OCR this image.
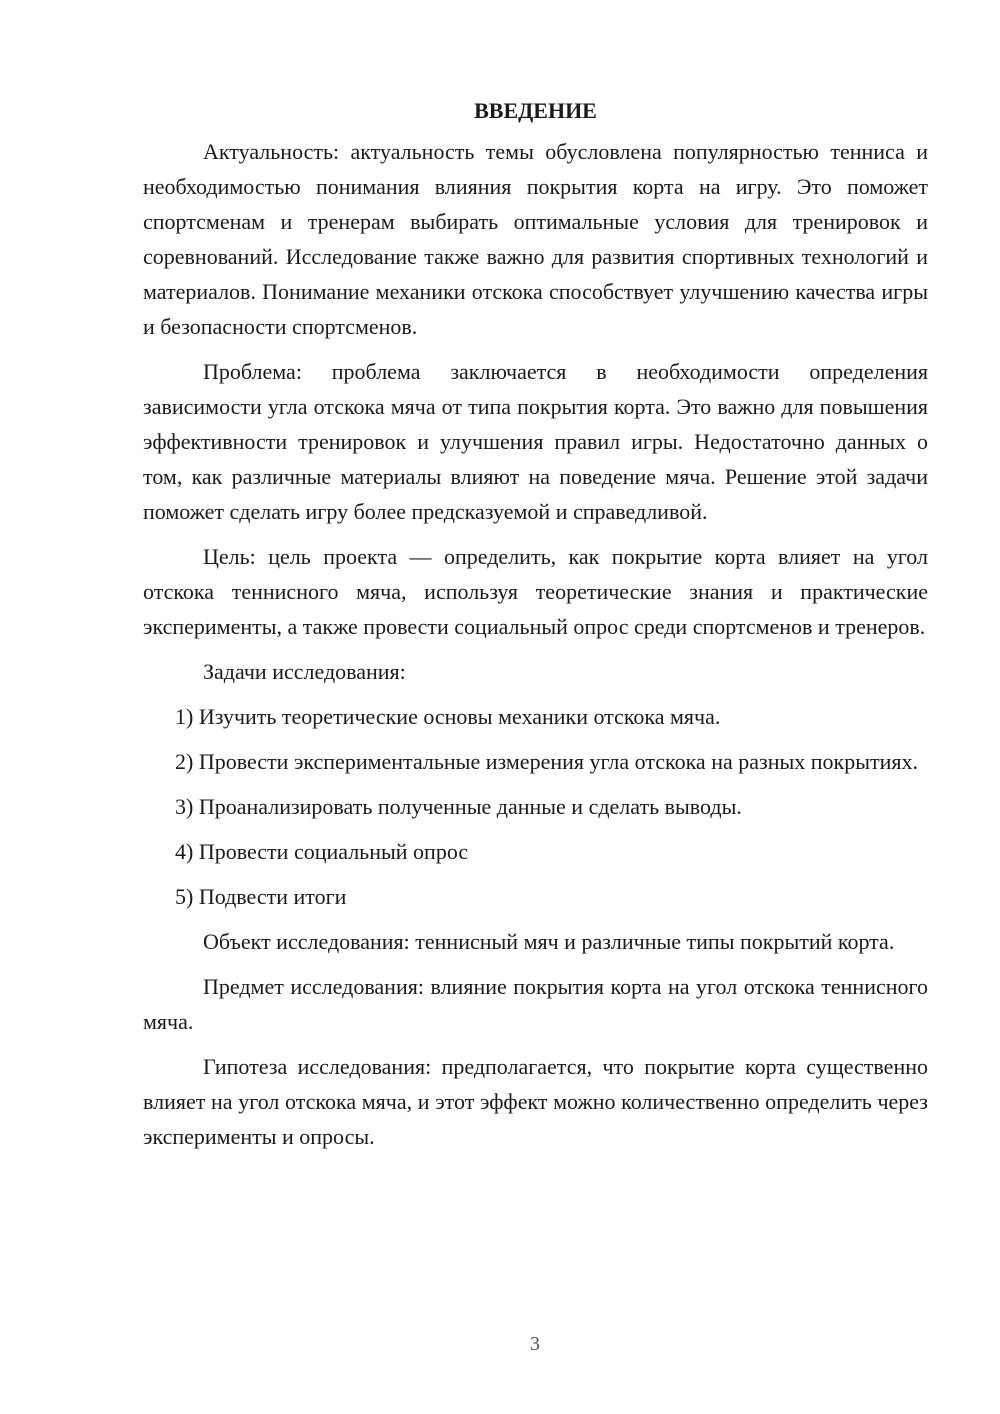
ВВЕДЕНИЕ

Актуальность: актуальность темы обусловлена популярностью тенниса и необходимостью понимания влияния покрытия корта на игру. Это поможет спортсменам и тренерам выбирать оптимальные условия для тренировок и соревнований. Исследование также важно для развития спортивных технологий и материалов. Понимание механики отскока способствует улучшению качества игры и безопасности спортсменов.

Проблема: проблема заключается в необходимости определения зависимости угла отскока мяча от типа покрытия корта. Это важно для повышения эффективности тренировок и улучшения правил игры. Недостаточно данных о том, как различные материалы влияют на поведение мяча. Решение этой задачи поможет сделать игру более предсказуемой и справедливой.

Цель: цель проекта — определить, как покрытие корта влияет на угол отскока теннисного мяча, используя теоретические знания и практические эксперименты, а также провести социальный опрос среди спортсменов и тренеров.

Задачи исследования:

1) Изучить теоретические основы механики отскока мяча.

2) Провести экспериментальные измерения угла отскока на разных покрытиях.

3) Проанализировать полученные данные и сделать выводы.

4) Провести социальный опрос

5) Подвести итоги

Объект исследования: теннисный мяч и различные типы покрытий корта.

Предмет исследования: влияние покрытия корта на угол отскока теннисного мяча.

Гипотеза исследования: предполагается, что покрытие корта существенно влияет на угол отскока мяча, и этот эффект можно количественно определить через эксперименты и опросы.

3
